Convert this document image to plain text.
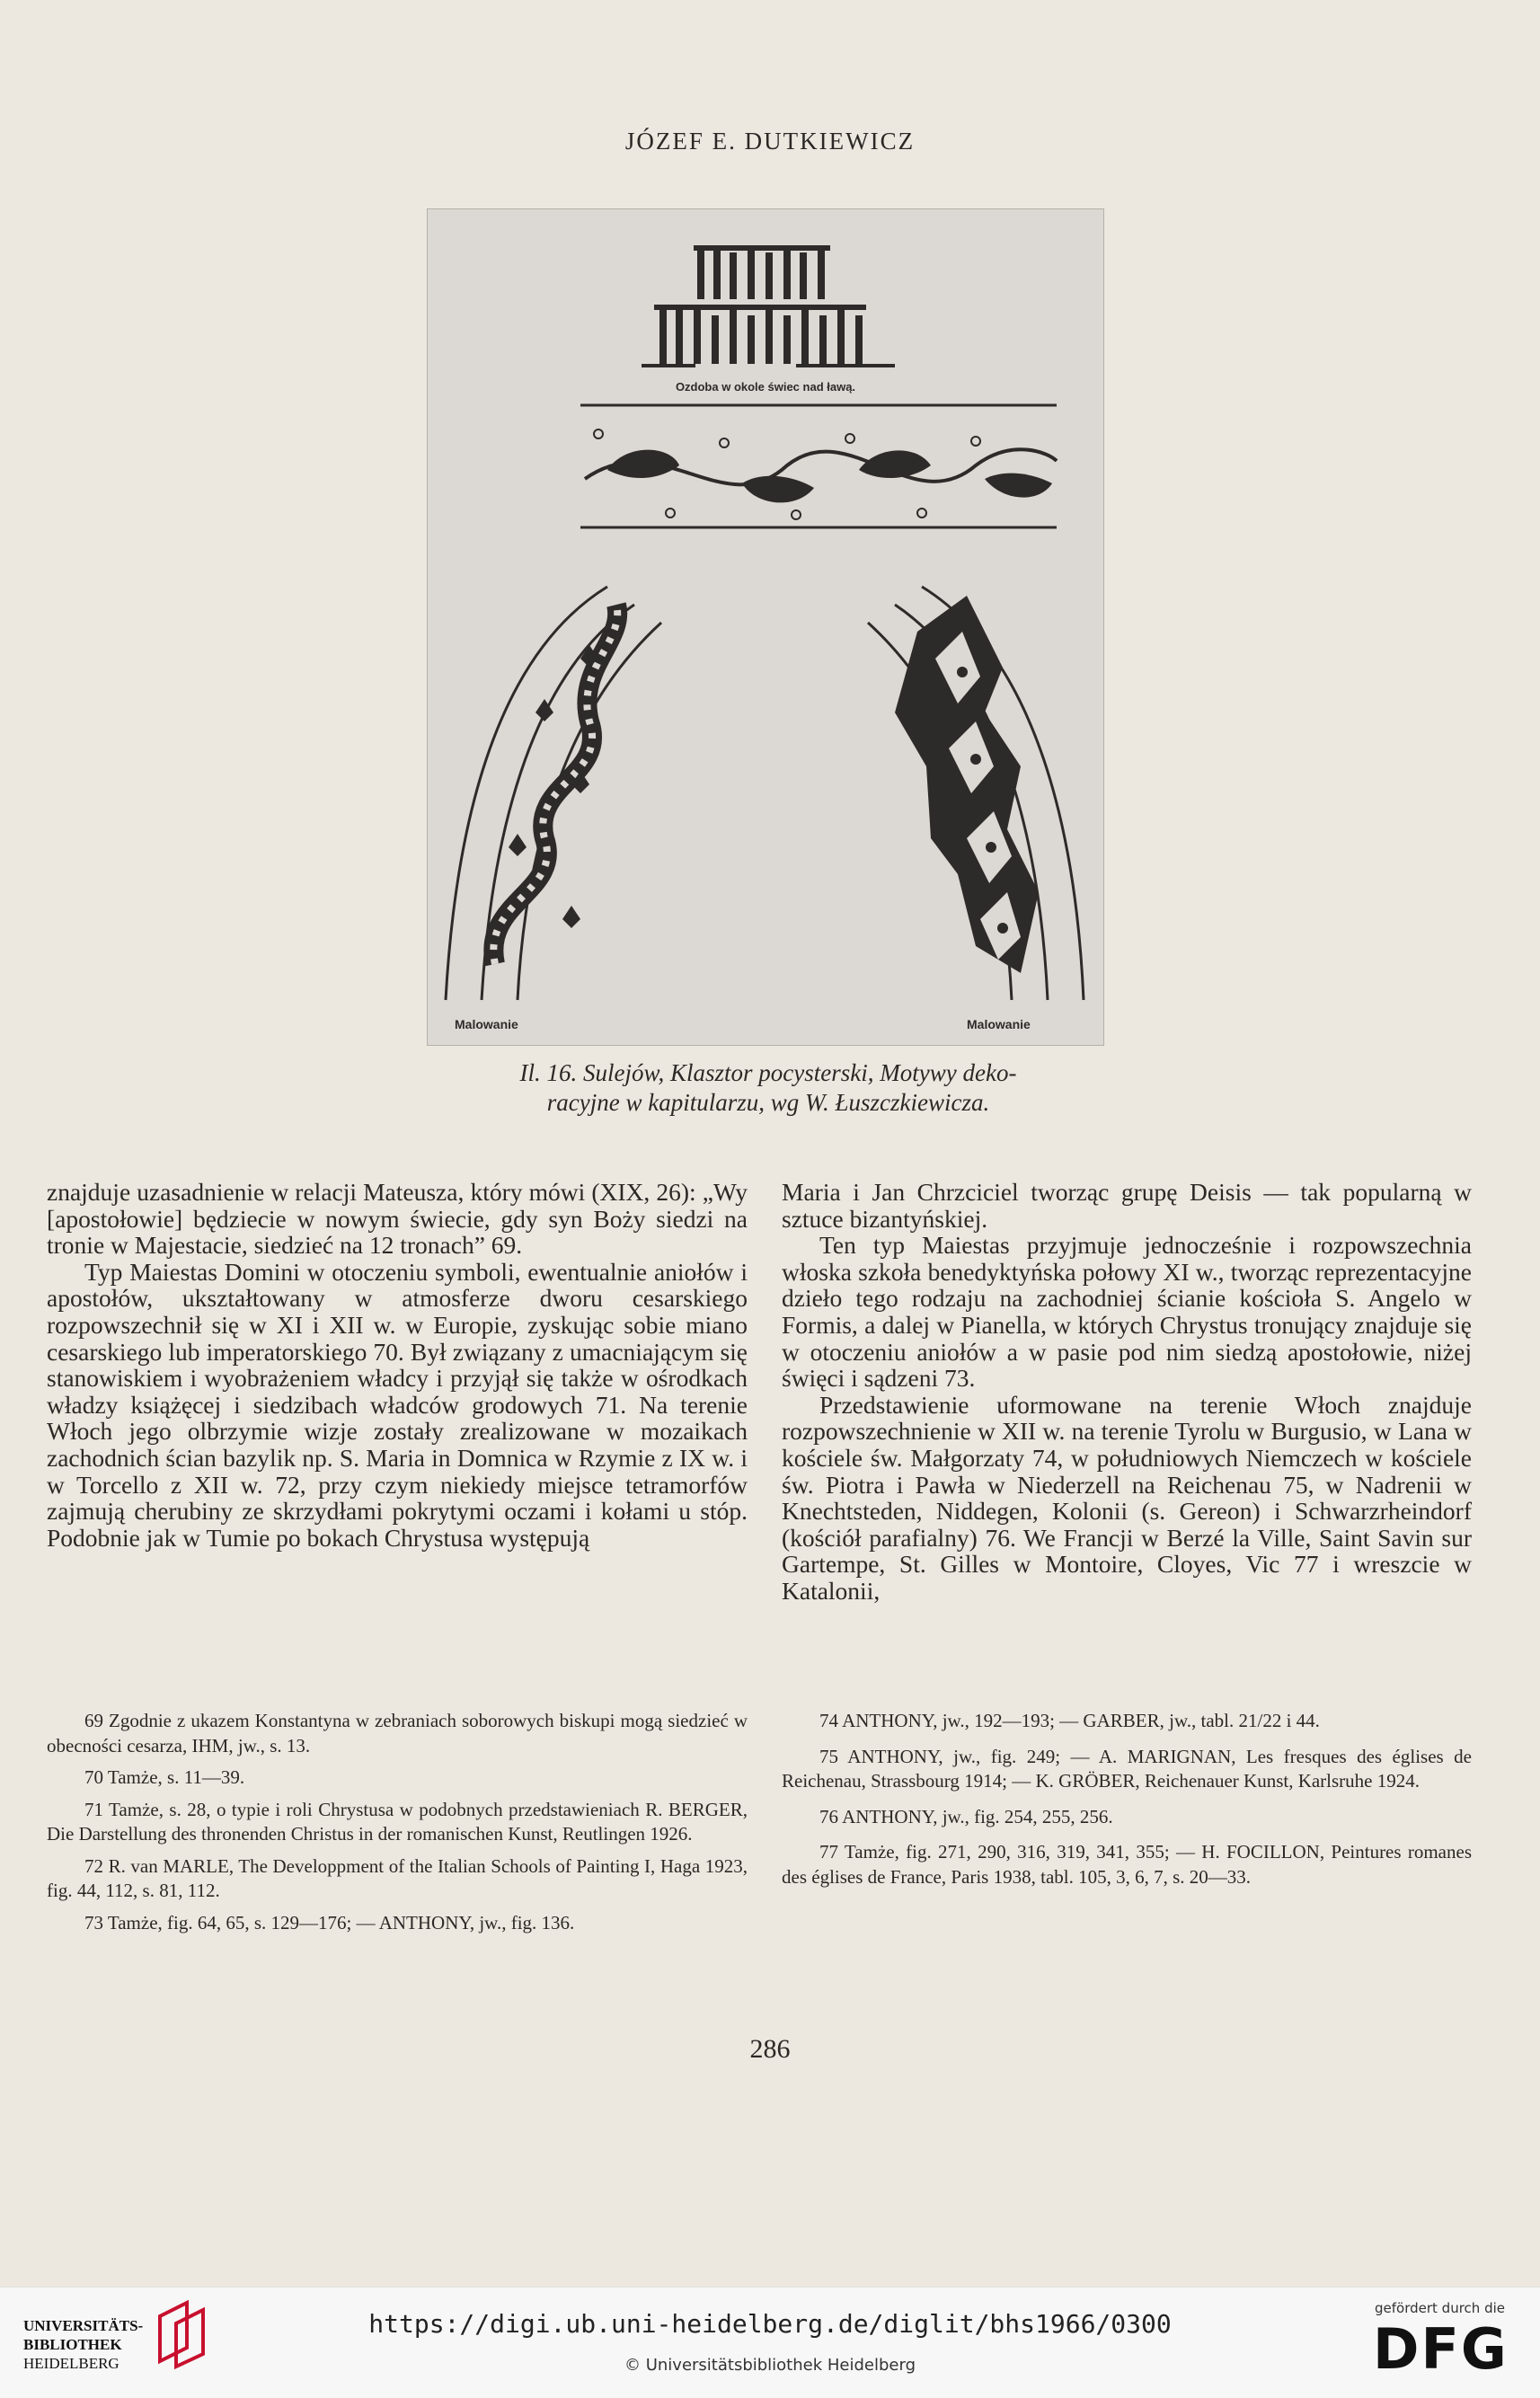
JÓZEF E. DUTKIEWICZ
Ozdoba w okole świec nad ławą.
Malowanie	Malowanie
Il. 16. Sulejów, Klasztor pocysterski, Motywy deko-
racyjne w kapitularzu, wg W. Łuszczkiewicza.

znajduje uzasadnienie w relacji Mateusza, który mówi (XIX, 26): „Wy [apostołowie] będziecie w nowym świecie, gdy syn Boży siedzi na tronie w Majestacie, siedzieć na 12 tronach” 69.

Typ Maiestas Domini w otoczeniu symboli, ewentualnie aniołów i apostołów, ukształtowany w atmosferze dworu cesarskiego rozpowszechnił się w XI i XII w. w Europie, zyskując sobie miano cesarskiego lub imperatorskiego 70. Był związany z umacniającym się stanowiskiem i wyobrażeniem władcy i przyjął się także w ośrodkach władzy książęcej i siedzibach władców grodowych 71. Na terenie Włoch jego olbrzymie wizje zostały zrealizowane w mozaikach zachodnich ścian bazylik np. S. Maria in Domnica w Rzymie z IX w. i w Torcello z XII w. 72, przy czym niekiedy miejsce tetramorfów zajmują cherubiny ze skrzydłami pokrytymi oczami i kołami u stóp. Podobnie jak w Tumie po bokach Chrystusa występują

Maria i Jan Chrzciciel tworząc grupę Deisis — tak popularną w sztuce bizantyńskiej.

Ten typ Maiestas przyjmuje jednocześnie i rozpowszechnia włoska szkoła benedyktyńska połowy XI w., tworząc reprezentacyjne dzieło tego rodzaju na zachodniej ścianie kościoła S. Angelo w Formis, a dalej w Pianella, w których Chrystus tronujący znajduje się w otoczeniu aniołów a w pasie pod nim siedzą apostołowie, niżej święci i sądzeni 73.

Przedstawienie uformowane na terenie Włoch znajduje rozpowszechnienie w XII w. na terenie Tyrolu w Burgusio, w Lana w kościele św. Małgorzaty 74, w południowych Niemczech w kościele św. Piotra i Pawła w Niederzell na Reichenau 75, w Nadrenii w Knechtsteden, Niddegen, Kolonii (s. Gereon) i Schwarzrheindorf (kościół parafialny) 76. We Francji w Berzé la Ville, Saint Savin sur Gartempe, St. Gilles w Montoire, Cloyes, Vic 77 i wreszcie w Katalonii,

69 Zgodnie z ukazem Konstantyna w zebraniach soborowych biskupi mogą siedzieć w obecności cesarza, IHM, jw., s. 13.

70 Tamże, s. 11—39.

71 Tamże, s. 28, o typie i roli Chrystusa w podobnych przedstawieniach R. BERGER, Die Darstellung des thronenden Christus in der romanischen Kunst, Reutlingen 1926.

72 R. van MARLE, The Developpment of the Italian Schools of Painting I, Haga 1923, fig. 44, 112, s. 81, 112.

73 Tamże, fig. 64, 65, s. 129—176; — ANTHONY, jw., fig. 136.

74 ANTHONY, jw., 192—193; — GARBER, jw., tabl. 21/22 i 44.

75 ANTHONY, jw., fig. 249; — A. MARIGNAN, Les fresques des églises de Reichenau, Strassbourg 1914; — K. GRÖBER, Reichenauer Kunst, Karlsruhe 1924.

76 ANTHONY, jw., fig. 254, 255, 256.

77 Tamże, fig. 271, 290, 316, 319, 341, 355; — H. FOCILLON, Peintures romanes des églises de France, Paris 1938, tabl. 105, 3, 6, 7, s. 20—33.

286
UNIVERSITÄTS-
BIBLIOTHEK
HEIDELBERG
https://digi.ub.uni-heidelberg.de/diglit/bhs1966/0300
© Universitätsbibliothek Heidelberg
gefördert durch die
DFG
